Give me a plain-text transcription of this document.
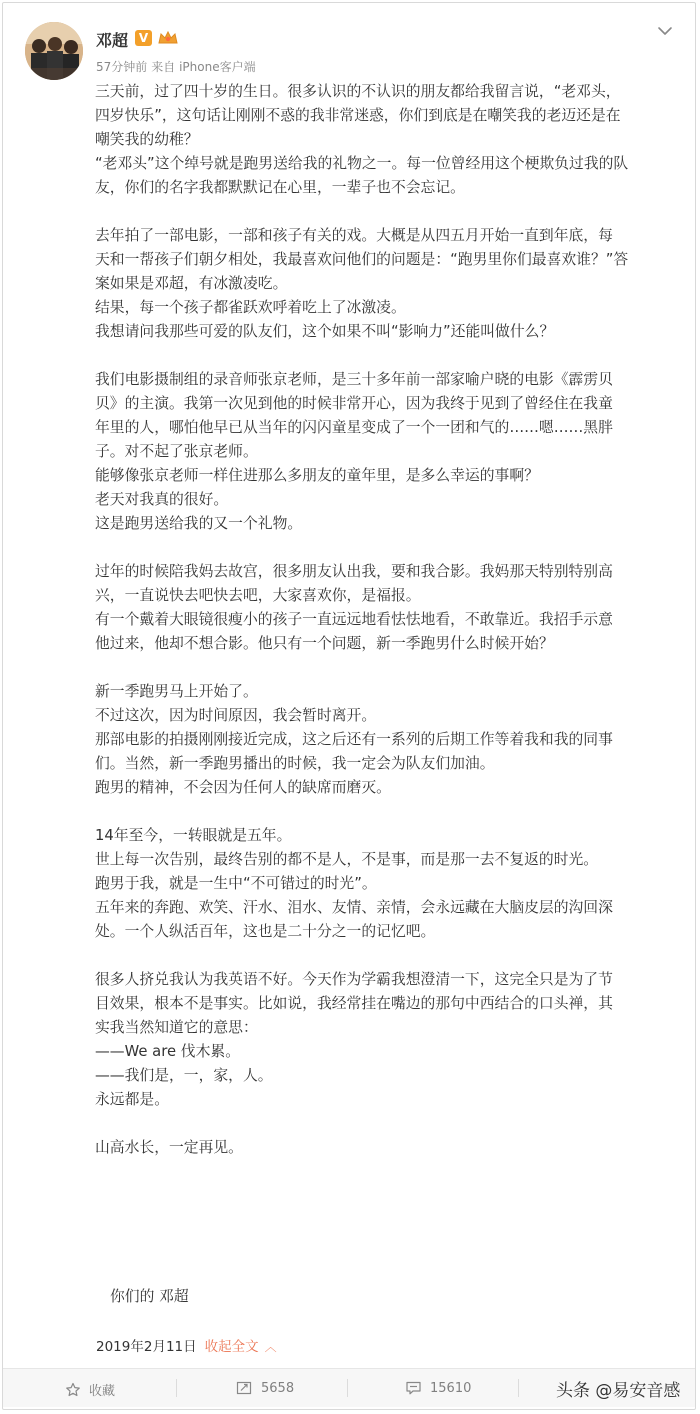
邓超 V
57分钟前 来自 iPhone客户端

三天前，过了四十岁的生日。很多认识的不认识的朋友都给我留言说，“老邓头，

四岁快乐”，这句话让刚刚不惑的我非常迷惑，你们到底是在嘲笑我的老迈还是在

嘲笑我的幼稚？

“老邓头”这个绰号就是跑男送给我的礼物之一。每一位曾经用这个梗欺负过我的队

友，你们的名字我都默默记在心里，一辈子也不会忘记。

去年拍了一部电影，一部和孩子有关的戏。大概是从四五月开始一直到年底，每

天和一帮孩子们朝夕相处，我最喜欢问他们的问题是：“跑男里你们最喜欢谁？”答

案如果是邓超，有冰激凌吃。

结果，每一个孩子都雀跃欢呼着吃上了冰激凌。

我想请问我那些可爱的队友们，这个如果不叫“影响力”还能叫做什么？

我们电影摄制组的录音师张京老师，是三十多年前一部家喻户晓的电影《霹雳贝

贝》的主演。我第一次见到他的时候非常开心，因为我终于见到了曾经住在我童

年里的人，哪怕他早已从当年的闪闪童星变成了一个一团和气的……嗯……黑胖

子。对不起了张京老师。

能够像张京老师一样住进那么多朋友的童年里，是多么幸运的事啊？

老天对我真的很好。

这是跑男送给我的又一个礼物。

过年的时候陪我妈去故宫，很多朋友认出我，要和我合影。我妈那天特别特别高

兴，一直说快去吧快去吧，大家喜欢你，是福报。

有一个戴着大眼镜很瘦小的孩子一直远远地看怯怯地看，不敢靠近。我招手示意

他过来，他却不想合影。他只有一个问题，新一季跑男什么时候开始？

新一季跑男马上开始了。

不过这次，因为时间原因，我会暂时离开。

那部电影的拍摄刚刚接近完成，这之后还有一系列的后期工作等着我和我的同事

们。当然，新一季跑男播出的时候，我一定会为队友们加油。

跑男的精神，不会因为任何人的缺席而磨灭。

14年至今，一转眼就是五年。

世上每一次告别，最终告别的都不是人，不是事，而是那一去不复返的时光。

跑男于我，就是一生中“不可错过的时光”。

五年来的奔跑、欢笑、汗水、泪水、友情、亲情，会永远藏在大脑皮层的沟回深

处。一个人纵活百年，这也是二十分之一的记忆吧。

很多人挤兑我认为我英语不好。今天作为学霸我想澄清一下，这完全只是为了节

目效果，根本不是事实。比如说，我经常挂在嘴边的那句中西结合的口头禅，其

实我当然知道它的意思：

——We are 伐木累。

——我们是，一，家，人。

永远都是。

山高水长，一定再见。

你们的 邓超
2019年2月11日 收起全文 ︿
收藏	5658	15610	头条 @易安音感
